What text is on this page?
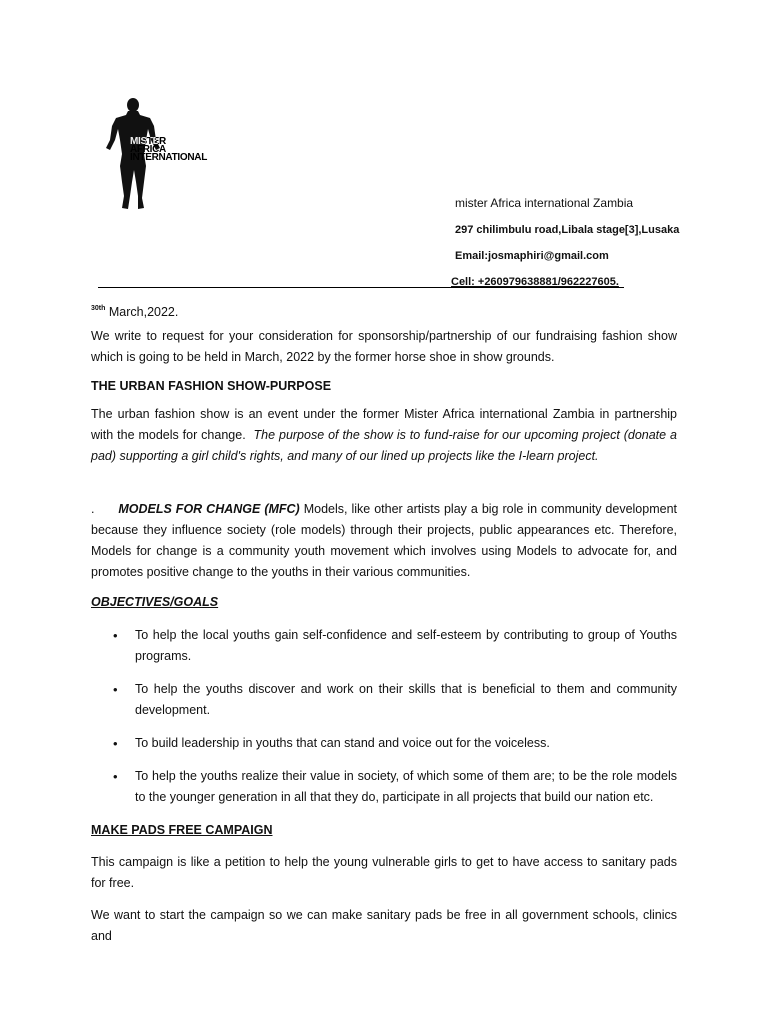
MISTER
AFRICA
INTERNATIONAL
mister Africa international Zambia
297 chilimbulu road,Libala stage[3],Lusaka
Email:josmaphiri@gmail.com
Cell: +260979638881/962227605.
$^{30th}$ March,2022.
We write to request for your consideration for sponsorship/partnership of our fundraising fashion show which is going to be held in March, 2022 by the former horse shoe in show grounds.
THE URBAN FASHION SHOW-PURPOSE
The urban fashion show is an event under the former Mister Africa international Zambia in partnership with the models for change. The purpose of the show is to fund-raise for our upcoming project (donate a pad) supporting a girl child's rights, and many of our lined up projects like the I-learn project.
. MODELS FOR CHANGE (MFC) Models, like other artists play a big role in community development because they influence society (role models) through their projects, public appearances etc. Therefore, Models for change is a community youth movement which involves using Models to advocate for, and promotes positive change to the youths in their various communities.
OBJECTIVES/GOALS
• To help the local youths gain self-confidence and self-esteem by contributing to group of Youths programs.
• To help the youths discover and work on their skills that is beneficial to them and community development.
• To build leadership in youths that can stand and voice out for the voiceless.
• To help the youths realize their value in society, of which some of them are; to be the role models to the younger generation in all that they do, participate in all projects that build our nation etc.
MAKE PADS FREE CAMPAIGN
This campaign is like a petition to help the young vulnerable girls to get to have access to sanitary pads for free.
We want to start the campaign so we can make sanitary pads be free in all government schools, clinics and
